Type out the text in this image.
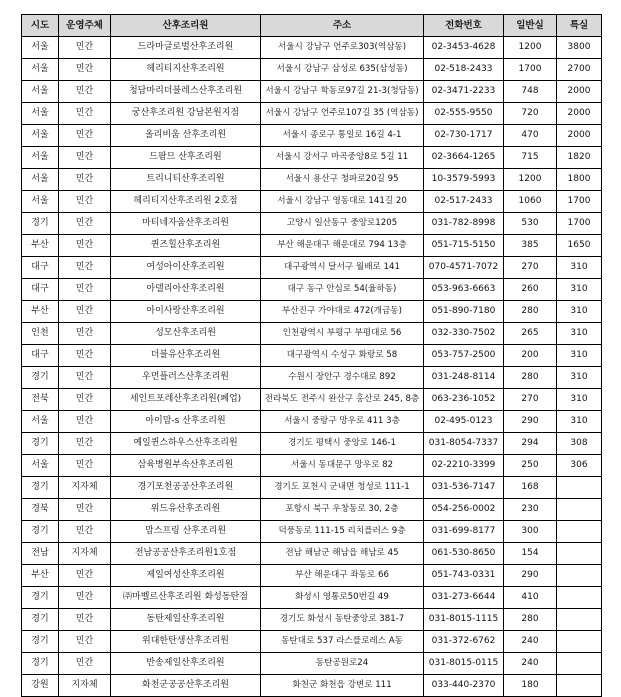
시도	운영주체	산후조리원	주소	전화번호	일반실	특실
서울	민간	드라마글로벌산후조리원	서울시 강남구 언주로303(역삼동)	02-3453-4628	1200	3800
서울	민간	헤리티지산후조리원	서울시 강남구 삼성로 635(삼성동)	02-518-2433	1700	2700
서울	민간	청담마리더블레스산후조리원	서울시 강남구 학동로97길 21-3(청담동)	02-3471-2233	748	2000
서울	민간	궁산후조리원 강남본원지점	서울시 강남구 언주로107길 35 (역삼동)	02-555-9550	720	2000
서울	민간	올리비움 산후조리원	서울시 종로구 통일로 16길 4-1	02-730-1717	470	2000
서울	민간	드팜므 산후조리원	서울시 강서구 마곡중앙8로 5길 11	02-3664-1265	715	1820
서울	민간	트리니티산후조리원	서울시 용산구 청파로20길 95	10-3579-5993	1200	1800
서울	민간	헤리티지산후조리원 2호점	서울시 강남구 영동대로 141길 20	02-517-2433	1060	1700
경기	민간	마티네자움산후조리원	고양시 일산동구 중앙로1205	031-782-8998	530	1700
부산	민간	퀸즈힐산후조리원	부산 해운대구 해운대로 794 13층	051-715-5150	385	1650
대구	민간	여성아이산후조리원	대구광역시 달서구 월배로 141	070-4571-7072	270	310
대구	민간	아델리아산후조리원	대구 동구 안심로 54(율하동)	053-963-6663	260	310
부산	민간	아이사랑산후조리원	부산진구 가야대로 472(개금동)	051-890-7180	280	310
인천	민간	성모산후조리원	인천광역시 부평구 부평대로 56	032-330-7502	265	310
대구	민간	더블유산후조리원	대구광역시 수성구 화랑로 58	053-757-2500	200	310
경기	민간	우먼플러스산후조리원	수원시 장안구 경수대로 892	031-248-8114	280	310
전북	민간	세인트포레산후조리원(폐업)	전라북도 전주시 완산구 홍산로 245, 8층	063-236-1052	270	310
서울	민간	아이맘-s 산후조리원	서울시 중랑구 망우로 411 3층	02-495-0123	290	310
경기	민간	예일퀸스하우스산후조리원	경기도 평택시 중앙로 146-1	031-8054-7337	294	308
서울	민간	삼육병원부속산후조리원	서울시 동대문구 망우로 82	02-2210-3399	250	306
경기	지자체	경기포천공공산후조리원	경기도 포천시 군내면 청성로 111-1	031-536-7147	168	
경북	민간	위드유산후조리원	포항시 북구 우창동로 30, 2층	054-256-0002	230	
경기	민간	맘스프링 산후조리원	덕풍동로 111-15 리치플러스 9층	031-699-8177	300	
전남	지자체	전남공공산후조리원1호점	전남 해남군 해남읍 해남로 45	061-530-8650	154	
부산	민간	제일여성산후조리원	부산 해운대구 좌동로 66	051-743-0331	290	
경기	민간	㈜마벨르산후조리원 화성동탄점	화성시 영통로50번길 49	031-273-6644	410	
경기	민간	동탄제일산후조리원	경기도 화성시 동탄중앙로 381-7	031-8015-1115	280	
경기	민간	위대한탄생산후조리원	동탄대로 537 라스플로레스 A동	031-372-6762	240	
경기	민간	반송제일산후조리원	동탄공원로24	031-8015-0115	240	
강원	지자체	화천군공공산후조리원	화천군 화천읍 강변로 111	033-440-2370	180	
